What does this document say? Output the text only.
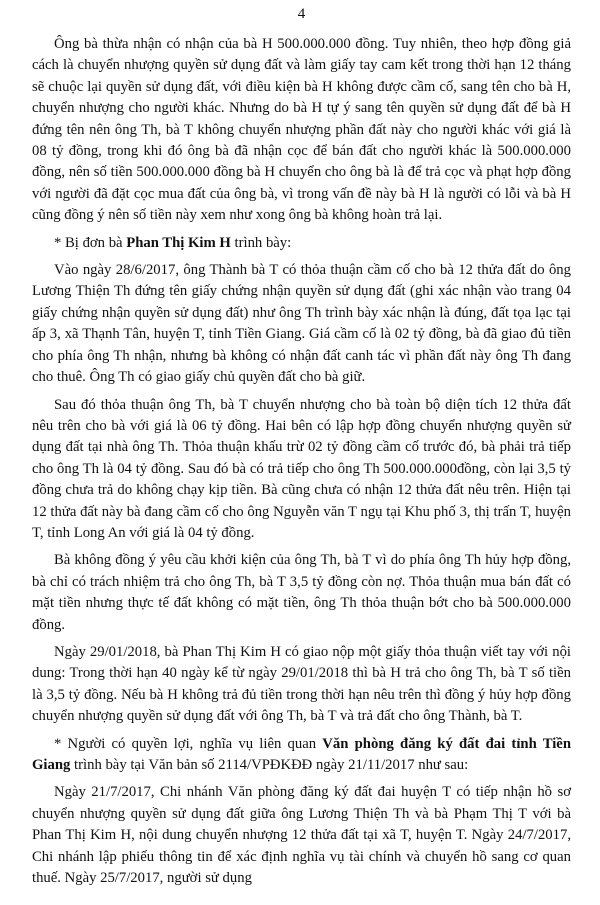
4

Ông bà thừa nhận có nhận của bà H 500.000.000 đồng. Tuy nhiên, theo hợp đồng giả cách là chuyển nhượng quyền sử dụng đất và làm giấy tay cam kết trong thời hạn 12 tháng sẽ chuộc lại quyền sử dụng đất, với điều kiện bà H không được cầm cố, sang tên cho bà H, chuyển nhượng cho người khác. Nhưng do bà H tự ý sang tên quyền sử dụng đất để bà H đứng tên nên ông Th, bà T không chuyển nhượng phần đất này cho người khác với giá là 08 tỷ đồng, trong khi đó ông bà đã nhận cọc để bán đất cho người khác là 500.000.000 đồng, nên số tiền 500.000.000 đồng bà H chuyển cho ông bà là để trả cọc và phạt hợp đồng với người đã đặt cọc mua đất của ông bà, vì trong vấn đề này bà H là người có lỗi và bà H cũng đồng ý nên số tiền này xem như xong ông bà không hoàn trả lại.

* Bị đơn bà Phan Thị Kim H trình bày:

Vào ngày 28/6/2017, ông Thành bà T có thỏa thuận cầm cố cho bà 12 thửa đất do ông Lương Thiện Th đứng tên giấy chứng nhận quyền sử dụng đất (ghi xác nhận vào trang 04 giấy chứng nhận quyền sử dụng đất) như ông Th trình bày xác nhận là đúng, đất tọa lạc tại ấp 3, xã Thạnh Tân, huyện T, tỉnh Tiền Giang. Giá cầm cố là 02 tỷ đồng, bà đã giao đủ tiền cho phía ông Th nhận, nhưng bà không có nhận đất canh tác vì phần đất này ông Th đang cho thuê. Ông Th có giao giấy chủ quyền đất cho bà giữ.

Sau đó thỏa thuận ông Th, bà T chuyển nhượng cho bà toàn bộ diện tích 12 thửa đất nêu trên cho bà với giá là 06 tỷ đồng. Hai bên có lập hợp đồng chuyển nhượng quyền sử dụng đất tại nhà ông Th. Thỏa thuận khấu trừ 02 tỷ đồng cầm cố trước đó, bà phải trả tiếp cho ông Th là 04 tỷ đồng. Sau đó bà có trả tiếp cho ông Th 500.000.000đồng, còn lại 3,5 tỷ đồng chưa trả do không chạy kịp tiền. Bà cũng chưa có nhận 12 thửa đất nêu trên. Hiện tại 12 thửa đất này bà đang cầm cố cho ông Nguyễn văn T ngụ tại Khu phố 3, thị trấn T, huyện T, tỉnh Long An với giá là 04 tỷ đồng.

Bà không đồng ý yêu cầu khởi kiện của ông Th, bà T vì do phía ông Th hủy hợp đồng, bà chỉ có trách nhiệm trả cho ông Th, bà T 3,5 tỷ đồng còn nợ. Thỏa thuận mua bán đất có mặt tiền nhưng thực tế đất không có mặt tiền, ông Th thỏa thuận bớt cho bà 500.000.000 đồng.

Ngày 29/01/2018, bà Phan Thị Kim H có giao nộp một giấy thỏa thuận viết tay với nội dung: Trong thời hạn 40 ngày kể từ ngày 29/01/2018 thì bà H trả cho ông Th, bà T số tiền là 3,5 tỷ đồng. Nếu bà H không trả đủ tiền trong thời hạn nêu trên thì đồng ý hủy hợp đồng chuyển nhượng quyền sử dụng đất với ông Th, bà T và trả đất cho ông Thành, bà T.

* Người có quyền lợi, nghĩa vụ liên quan Văn phòng đăng ký đất đai tỉnh Tiền Giang trình bày tại Văn bản số 2114/VPĐKĐĐ ngày 21/11/2017 như sau:

Ngày 21/7/2017, Chi nhánh Văn phòng đăng ký đất đai huyện T có tiếp nhận hồ sơ chuyển nhượng quyền sử dụng đất giữa ông Lương Thiện Th và bà Phạm Thị T với bà Phan Thị Kim H, nội dung chuyển nhượng 12 thửa đất tại xã T, huyện T. Ngày 24/7/2017, Chi nhánh lập phiếu thông tin để xác định nghĩa vụ tài chính và chuyển hồ sang cơ quan thuế. Ngày 25/7/2017, người sử dụng
